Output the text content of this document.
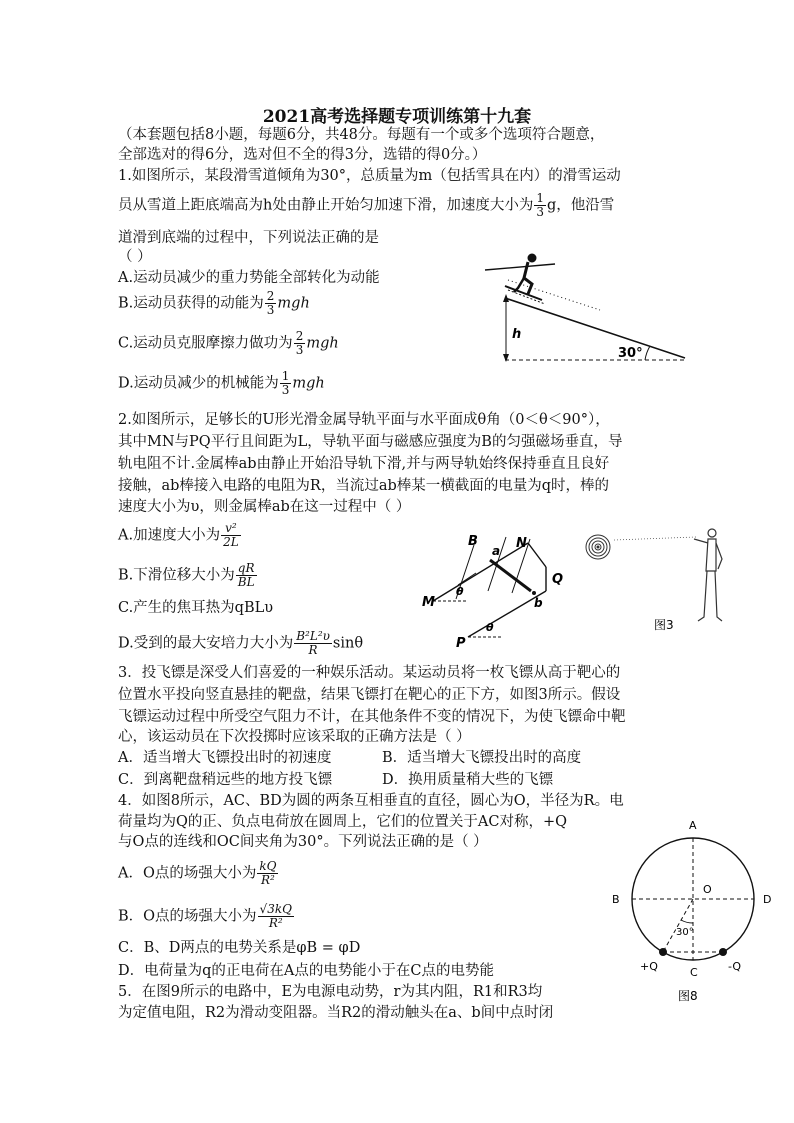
2021高考选择题专项训练第十九套
（本套题包括8小题，每题6分，共48分。每题有一个或多个选项符合题意，
全部选对的得6分，选对但不全的得3分，选错的得0分。）
1.如图所示，某段滑雪道倾角为30°，总质量为m（包括雪具在内）的滑雪运动
员从雪道上距底端高为h处由静止开始匀加速下滑，加速度大小为 $\frac{1}{3}$ g，他沿雪
道滑到底端的过程中，下列说法正确的是
（ ）
A.运动员减少的重力势能全部转化为动能
B.运动员获得的动能为 $\frac{2}{3}$ mgh
C.运动员克服摩擦力做功为 $\frac{2}{3}$ mgh
D.运动员减少的机械能为 $\frac{1}{3}$ mgh
h
30°
2.如图所示，足够长的U形光滑金属导轨平面与水平面成θ角（0＜θ＜90°），
其中MN与PQ平行且间距为L，导轨平面与磁感应强度为B的匀强磁场垂直，导
轨电阻不计.金属棒ab由静止开始沿导轨下滑,并与两导轨始终保持垂直且良好
接触，ab棒接入电路的电阻为R，当流过ab棒某一横截面的电量为q时，棒的
速度大小为υ，则金属棒ab在这一过程中（ ）
A.加速度大小为 $\frac{\text{v²}}{2L}$
B.下滑位移大小为 $\frac{qR}{BL}$
C.产生的焦耳热为qBLυ
D.受到的最大安培力大小为 $\frac{\text{B²L²υ}}{R}$ sinθ
B
a N
M
θ
Q
b
P
θ	图3
3．投飞镖是深受人们喜爱的一种娱乐活动。某运动员将一枚飞镖从高于靶心的
位置水平投向竖直悬挂的靶盘，结果飞镖打在靶心的正下方，如图3所示。假设
飞镖运动过程中所受空气阻力不计，在其他条件不变的情况下，为使飞镖命中靶
心，该运动员在下次投掷时应该采取的正确方法是（ ）
A．适当增大飞镖投出时的初速度	B．适当增大飞镖投出时的高度
C．到离靶盘稍远些的地方投飞镖	D．换用质量稍大些的飞镖
4．如图8所示，AC、BD为圆的两条互相垂直的直径，圆心为O，半径为R。电
荷量均为Q的正、负点电荷放在圆周上，它们的位置关于AC对称，+Q
与O点的连线和OC间夹角为30°。下列说法正确的是（ ）
A．O点的场强大小为 $\frac{kQ}{\text{R²}}$
B．O点的场强大小为 $\frac{√3kQ}{\text{R²}}$
C．B、D两点的电势关系是φB = φD
D．电荷量为q的正电荷在A点的电势能小于在C点的电势能
A
B
O
D
30°
+Q	C	-Q
图8
5．在图9所示的电路中，E为电源电动势，r为其内阻，R1和R3均
为定值电阻，R2为滑动变阻器。当R2的滑动触头在a、b间中点时闭
